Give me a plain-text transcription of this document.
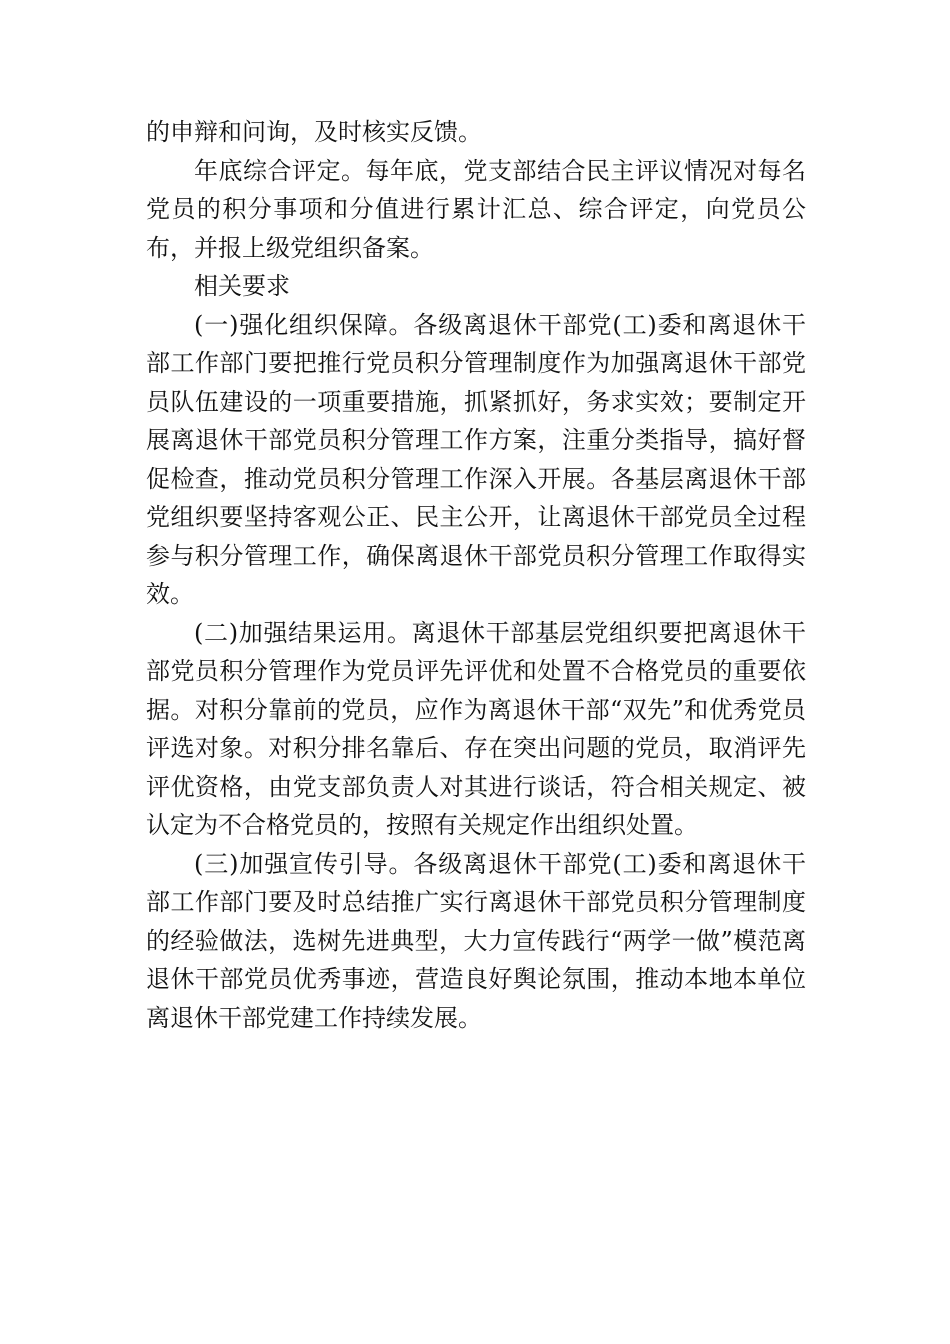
的申辩和问询，及时核实反馈。

年底综合评定。每年底，党支部结合民主评议情况对每名党员的积分事项和分值进行累计汇总、综合评定，向党员公布，并报上级党组织备案。

相关要求

(一)强化组织保障。各级离退休干部党(工)委和离退休干部工作部门要把推行党员积分管理制度作为加强离退休干部党员队伍建设的一项重要措施，抓紧抓好，务求实效；要制定开展离退休干部党员积分管理工作方案，注重分类指导，搞好督促检查，推动党员积分管理工作深入开展。各基层离退休干部党组织要坚持客观公正、民主公开，让离退休干部党员全过程参与积分管理工作，确保离退休干部党员积分管理工作取得实效。

(二)加强结果运用。离退休干部基层党组织要把离退休干部党员积分管理作为党员评先评优和处置不合格党员的重要依据。对积分靠前的党员，应作为离退休干部“双先”和优秀党员评选对象。对积分排名靠后、存在突出问题的党员，取消评先评优资格，由党支部负责人对其进行谈话，符合相关规定、被认定为不合格党员的，按照有关规定作出组织处置。

(三)加强宣传引导。各级离退休干部党(工)委和离退休干部工作部门要及时总结推广实行离退休干部党员积分管理制度的经验做法，选树先进典型，大力宣传践行“两学一做”模范离退休干部党员优秀事迹，营造良好舆论氛围，推动本地本单位离退休干部党建工作持续发展。
